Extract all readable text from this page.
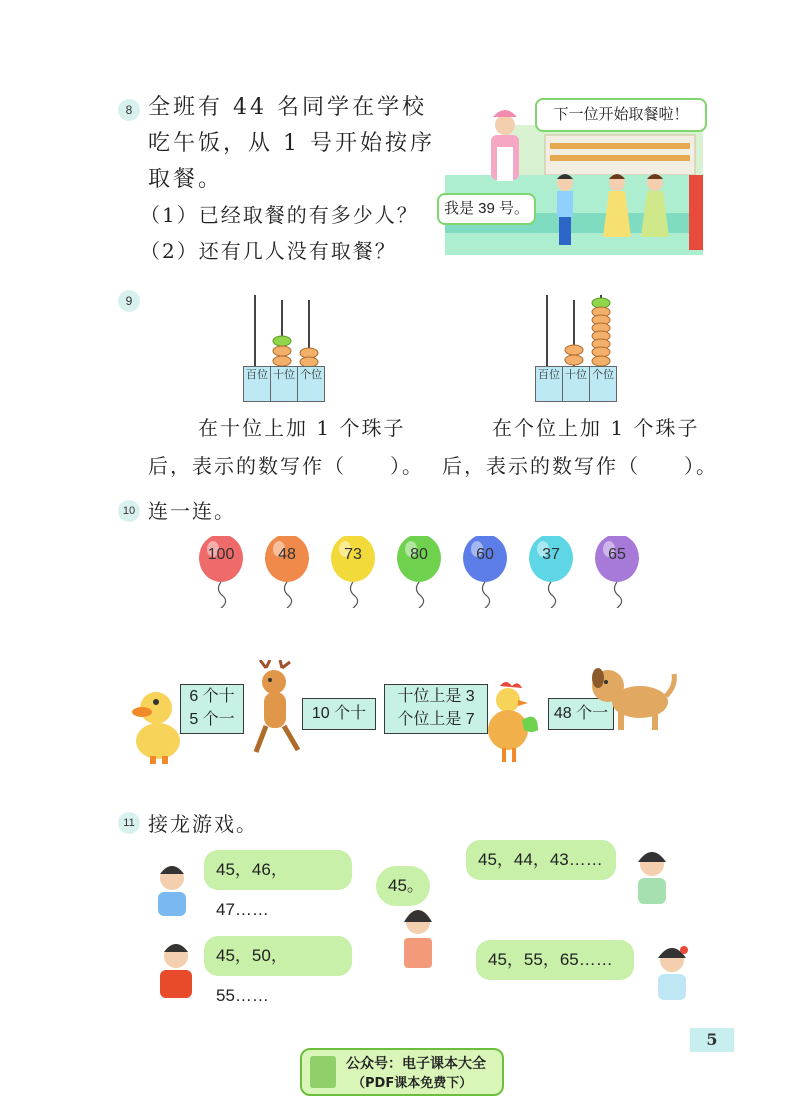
8 全班有 44 名同学在学校
吃午饭，从 1 号开始按序
取餐。
（1）已经取餐的有多少人？
（2）还有几人没有取餐？
下一位开始取餐啦！
我是 39 号。
9
百位 十位 个位	百位 十位 个位
在十位上加 1 个珠子
后，表示的数写作（　　）。
在个位上加 1 个珠子
后，表示的数写作（　　）。
10 连一连。
100	48	73	80	60	37	65
6 个十
5 个一	10 个十
十位上是 3
个位上是 7	48 个一
11 接龙游戏。
45，46，47……
45，50，55……
45。
45，44，43……
45，55，65……
5
公众号：电子课本大全
（PDF课本免费下）
